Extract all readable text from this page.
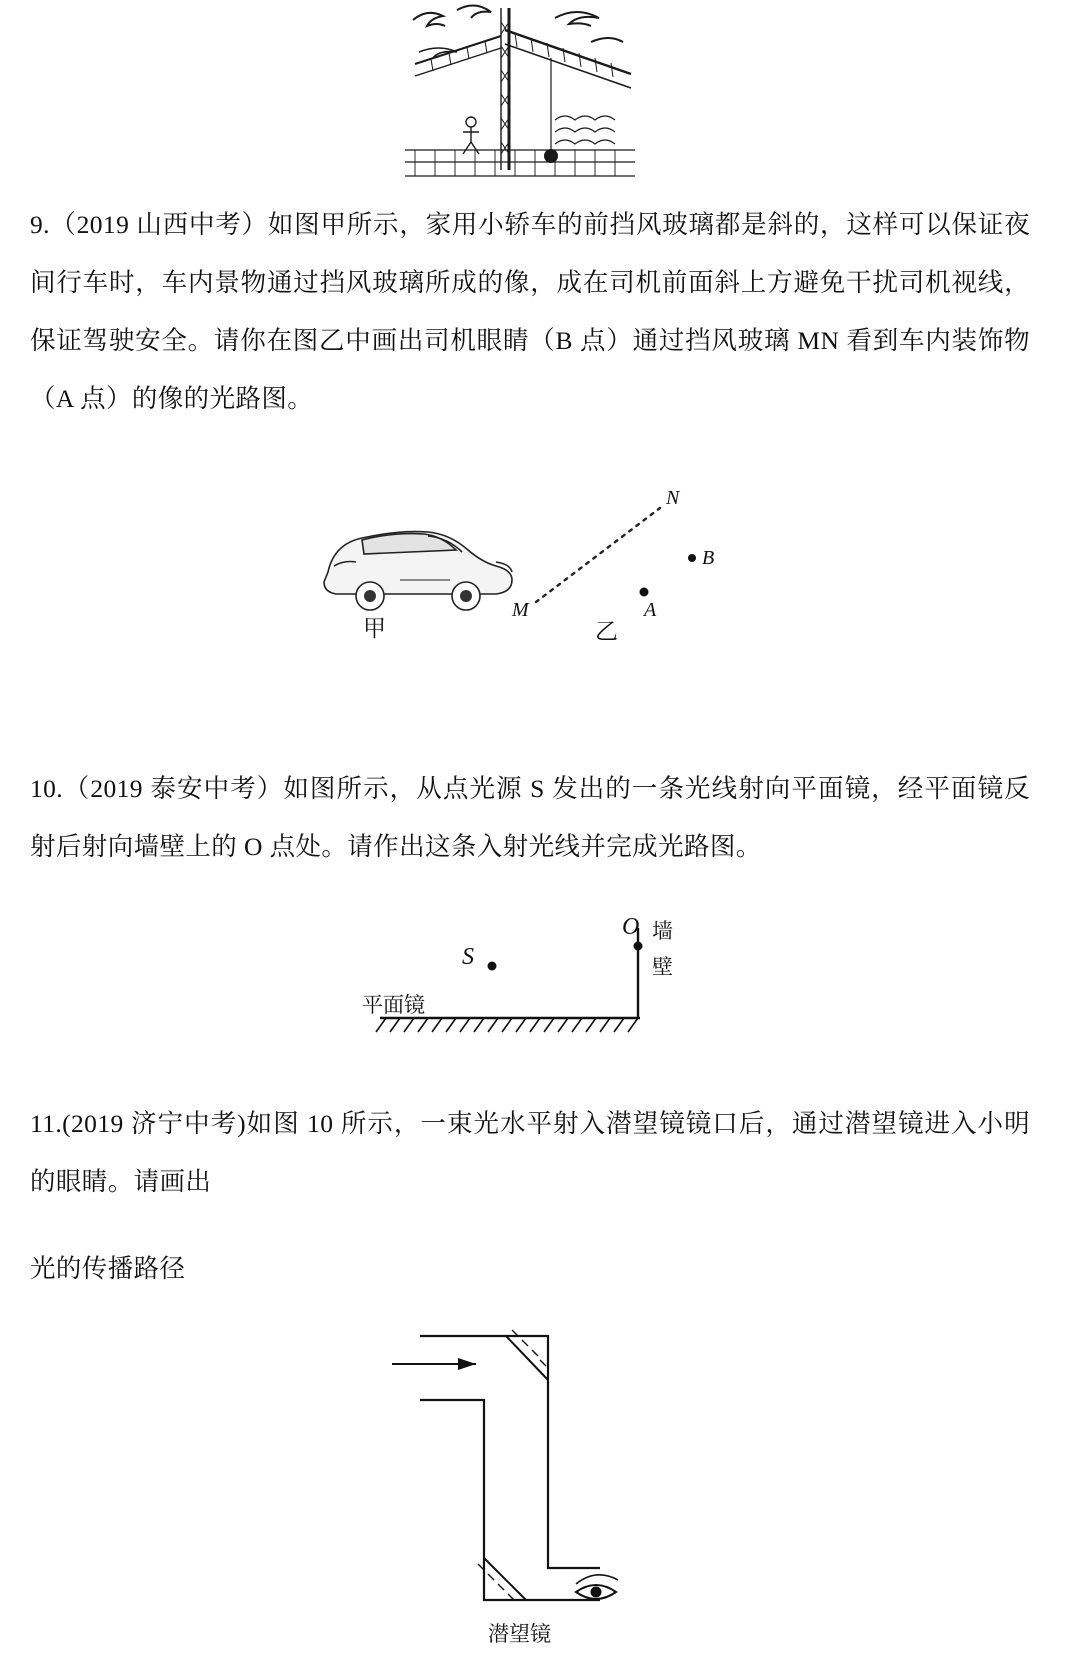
9.（2019 山西中考）如图甲所示，家用小轿车的前挡风玻璃都是斜的，这样可以保证夜间行车时，车内景物通过挡风玻璃所成的像，成在司机前面斜上方避免干扰司机视线，保证驾驶安全。请你在图乙中画出司机眼睛（B 点）通过挡风玻璃 MN 看到车内装饰物（A 点）的像的光路图。
N
M
B
A
甲	乙
10.（2019 泰安中考）如图所示，从点光源 S 发出的一条光线射向平面镜，经平面镜反射后射向墙壁上的 O 点处。请作出这条入射光线并完成光路图。
S
O
平面镜
墙
壁
11.(2019 济宁中考)如图 10 所示，一束光水平射入潜望镜镜口后，通过潜望镜进入小明的眼睛。请画出
光的传播路径
潜望镜
